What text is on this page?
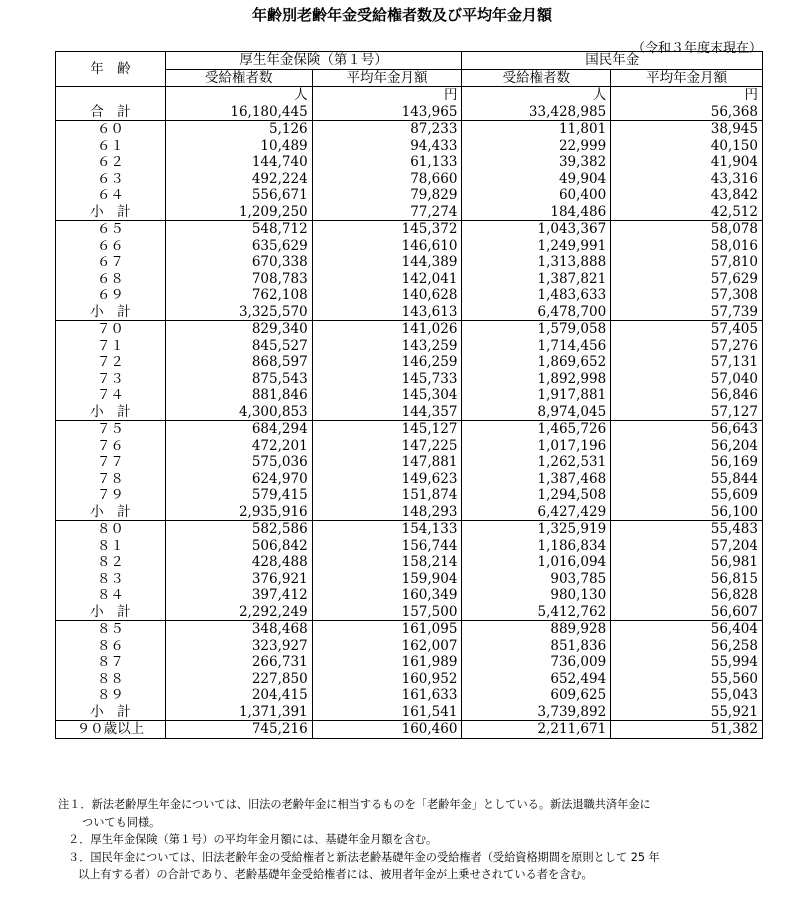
年齢別老齢年金受給権者数及び平均年金月額
（令和３年度末現在）
年　齢	厚生年金保険（第１号）		国民年金	
	受給権者数	平均年金月額	受給権者数	平均年金月額
	人	円	人	円
合　計	16,180,445	143,965	33,428,985	56,368
６０	5,126	87,233	11,801	38,945
６１	10,489	94,433	22,999	40,150
６２	144,740	61,133	39,382	41,904
６３	492,224	78,660	49,904	43,316
６４	556,671	79,829	60,400	43,842
小　計	1,209,250	77,274	184,486	42,512
６５	548,712	145,372	1,043,367	58,078
６６	635,629	146,610	1,249,991	58,016
６７	670,338	144,389	1,313,888	57,810
６８	708,783	142,041	1,387,821	57,629
６９	762,108	140,628	1,483,633	57,308
小　計	3,325,570	143,613	6,478,700	57,739
７０	829,340	141,026	1,579,058	57,405
７１	845,527	143,259	1,714,456	57,276
７２	868,597	146,259	1,869,652	57,131
７３	875,543	145,733	1,892,998	57,040
７４	881,846	145,304	1,917,881	56,846
小　計	4,300,853	144,357	8,974,045	57,127
７５	684,294	145,127	1,465,726	56,643
７６	472,201	147,225	1,017,196	56,204
７７	575,036	147,881	1,262,531	56,169
７８	624,970	149,623	1,387,468	55,844
７９	579,415	151,874	1,294,508	55,609
小　計	2,935,916	148,293	6,427,429	56,100
８０	582,586	154,133	1,325,919	55,483
８１	506,842	156,744	1,186,834	57,204
８２	428,488	158,214	1,016,094	56,981
８３	376,921	159,904	903,785	56,815
８４	397,412	160,349	980,130	56,828
小　計	2,292,249	157,500	5,412,762	56,607
８５	348,468	161,095	889,928	56,404
８６	323,927	162,007	851,836	56,258
８７	266,731	161,989	736,009	55,994
８８	227,850	160,952	652,494	55,560
８９	204,415	161,633	609,625	55,043
小　計	1,371,391	161,541	3,739,892	55,921
９０歳以上	745,216	160,460	2,211,671	51,382
注１．新法老齢厚生年金については、旧法の老齢年金に相当するものを「老齢年金」としている。新法退職共済年金に
ついても同様。
２．厚生年金保険（第１号）の平均年金月額には、基礎年金月額を含む。
３．国民年金については、旧法老齢年金の受給権者と新法老齢基礎年金の受給権者（受給資格期間を原則として 25 年
以上有する者）の合計であり、老齢基礎年金受給権者には、被用者年金が上乗せされている者を含む。
